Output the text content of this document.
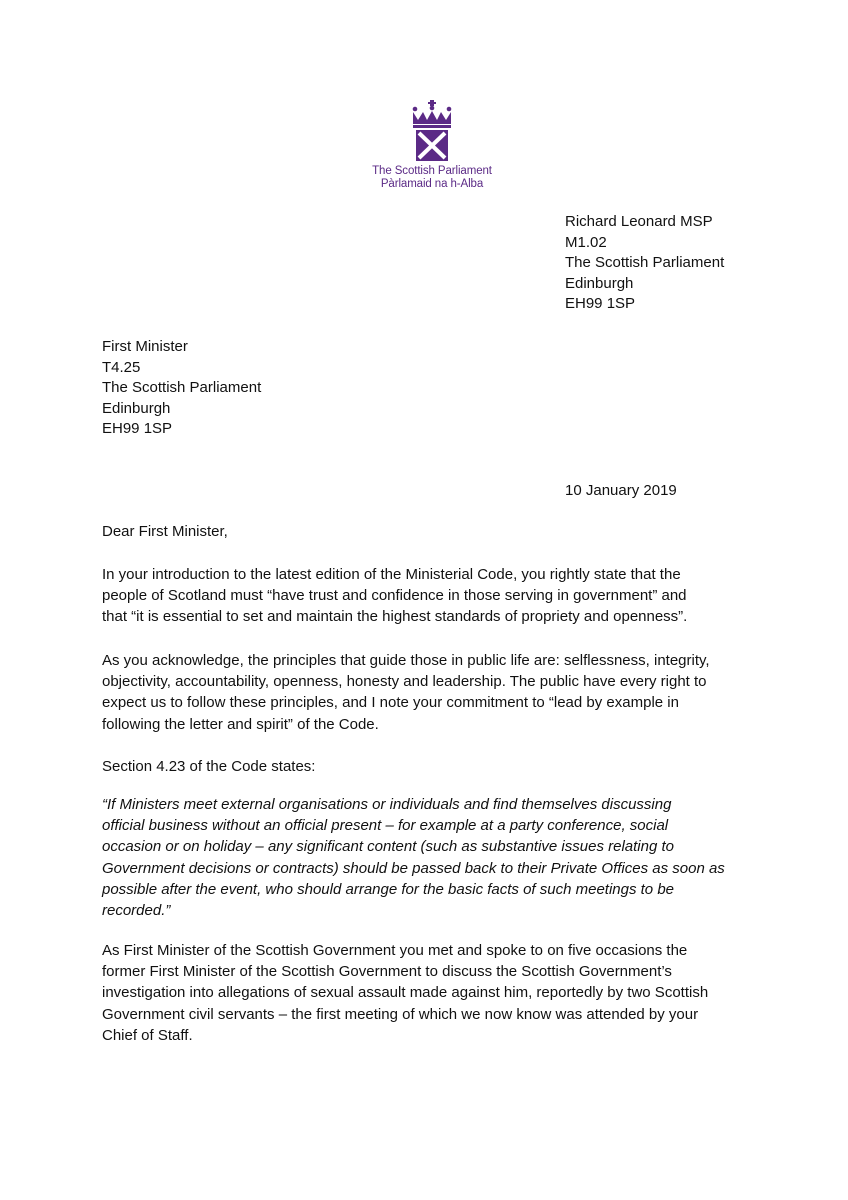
The Scottish Parliament
Pàrlamaid na h-Alba
Richard Leonard MSP
M1.02
The Scottish Parliament
Edinburgh
EH99 1SP
First Minister
T4.25
The Scottish Parliament
Edinburgh
EH99 1SP
10 January 2019
Dear First Minister,
In your introduction to the latest edition of the Ministerial Code, you rightly state that the
people of Scotland must “have trust and confidence in those serving in government” and
that “it is essential to set and maintain the highest standards of propriety and openness”.
As you acknowledge, the principles that guide those in public life are: selflessness, integrity,
objectivity, accountability, openness, honesty and leadership. The public have every right to
expect us to follow these principles, and I note your commitment to “lead by example in
following the letter and spirit” of the Code.
Section 4.23 of the Code states:
“If Ministers meet external organisations or individuals and find themselves discussing
official business without an official present – for example at a party conference, social
occasion or on holiday – any significant content (such as substantive issues relating to
Government decisions or contracts) should be passed back to their Private Offices as soon as
possible after the event, who should arrange for the basic facts of such meetings to be
recorded.”
As First Minister of the Scottish Government you met and spoke to on five occasions the
former First Minister of the Scottish Government to discuss the Scottish Government’s
investigation into allegations of sexual assault made against him, reportedly by two Scottish
Government civil servants – the first meeting of which we now know was attended by your
Chief of Staff.
